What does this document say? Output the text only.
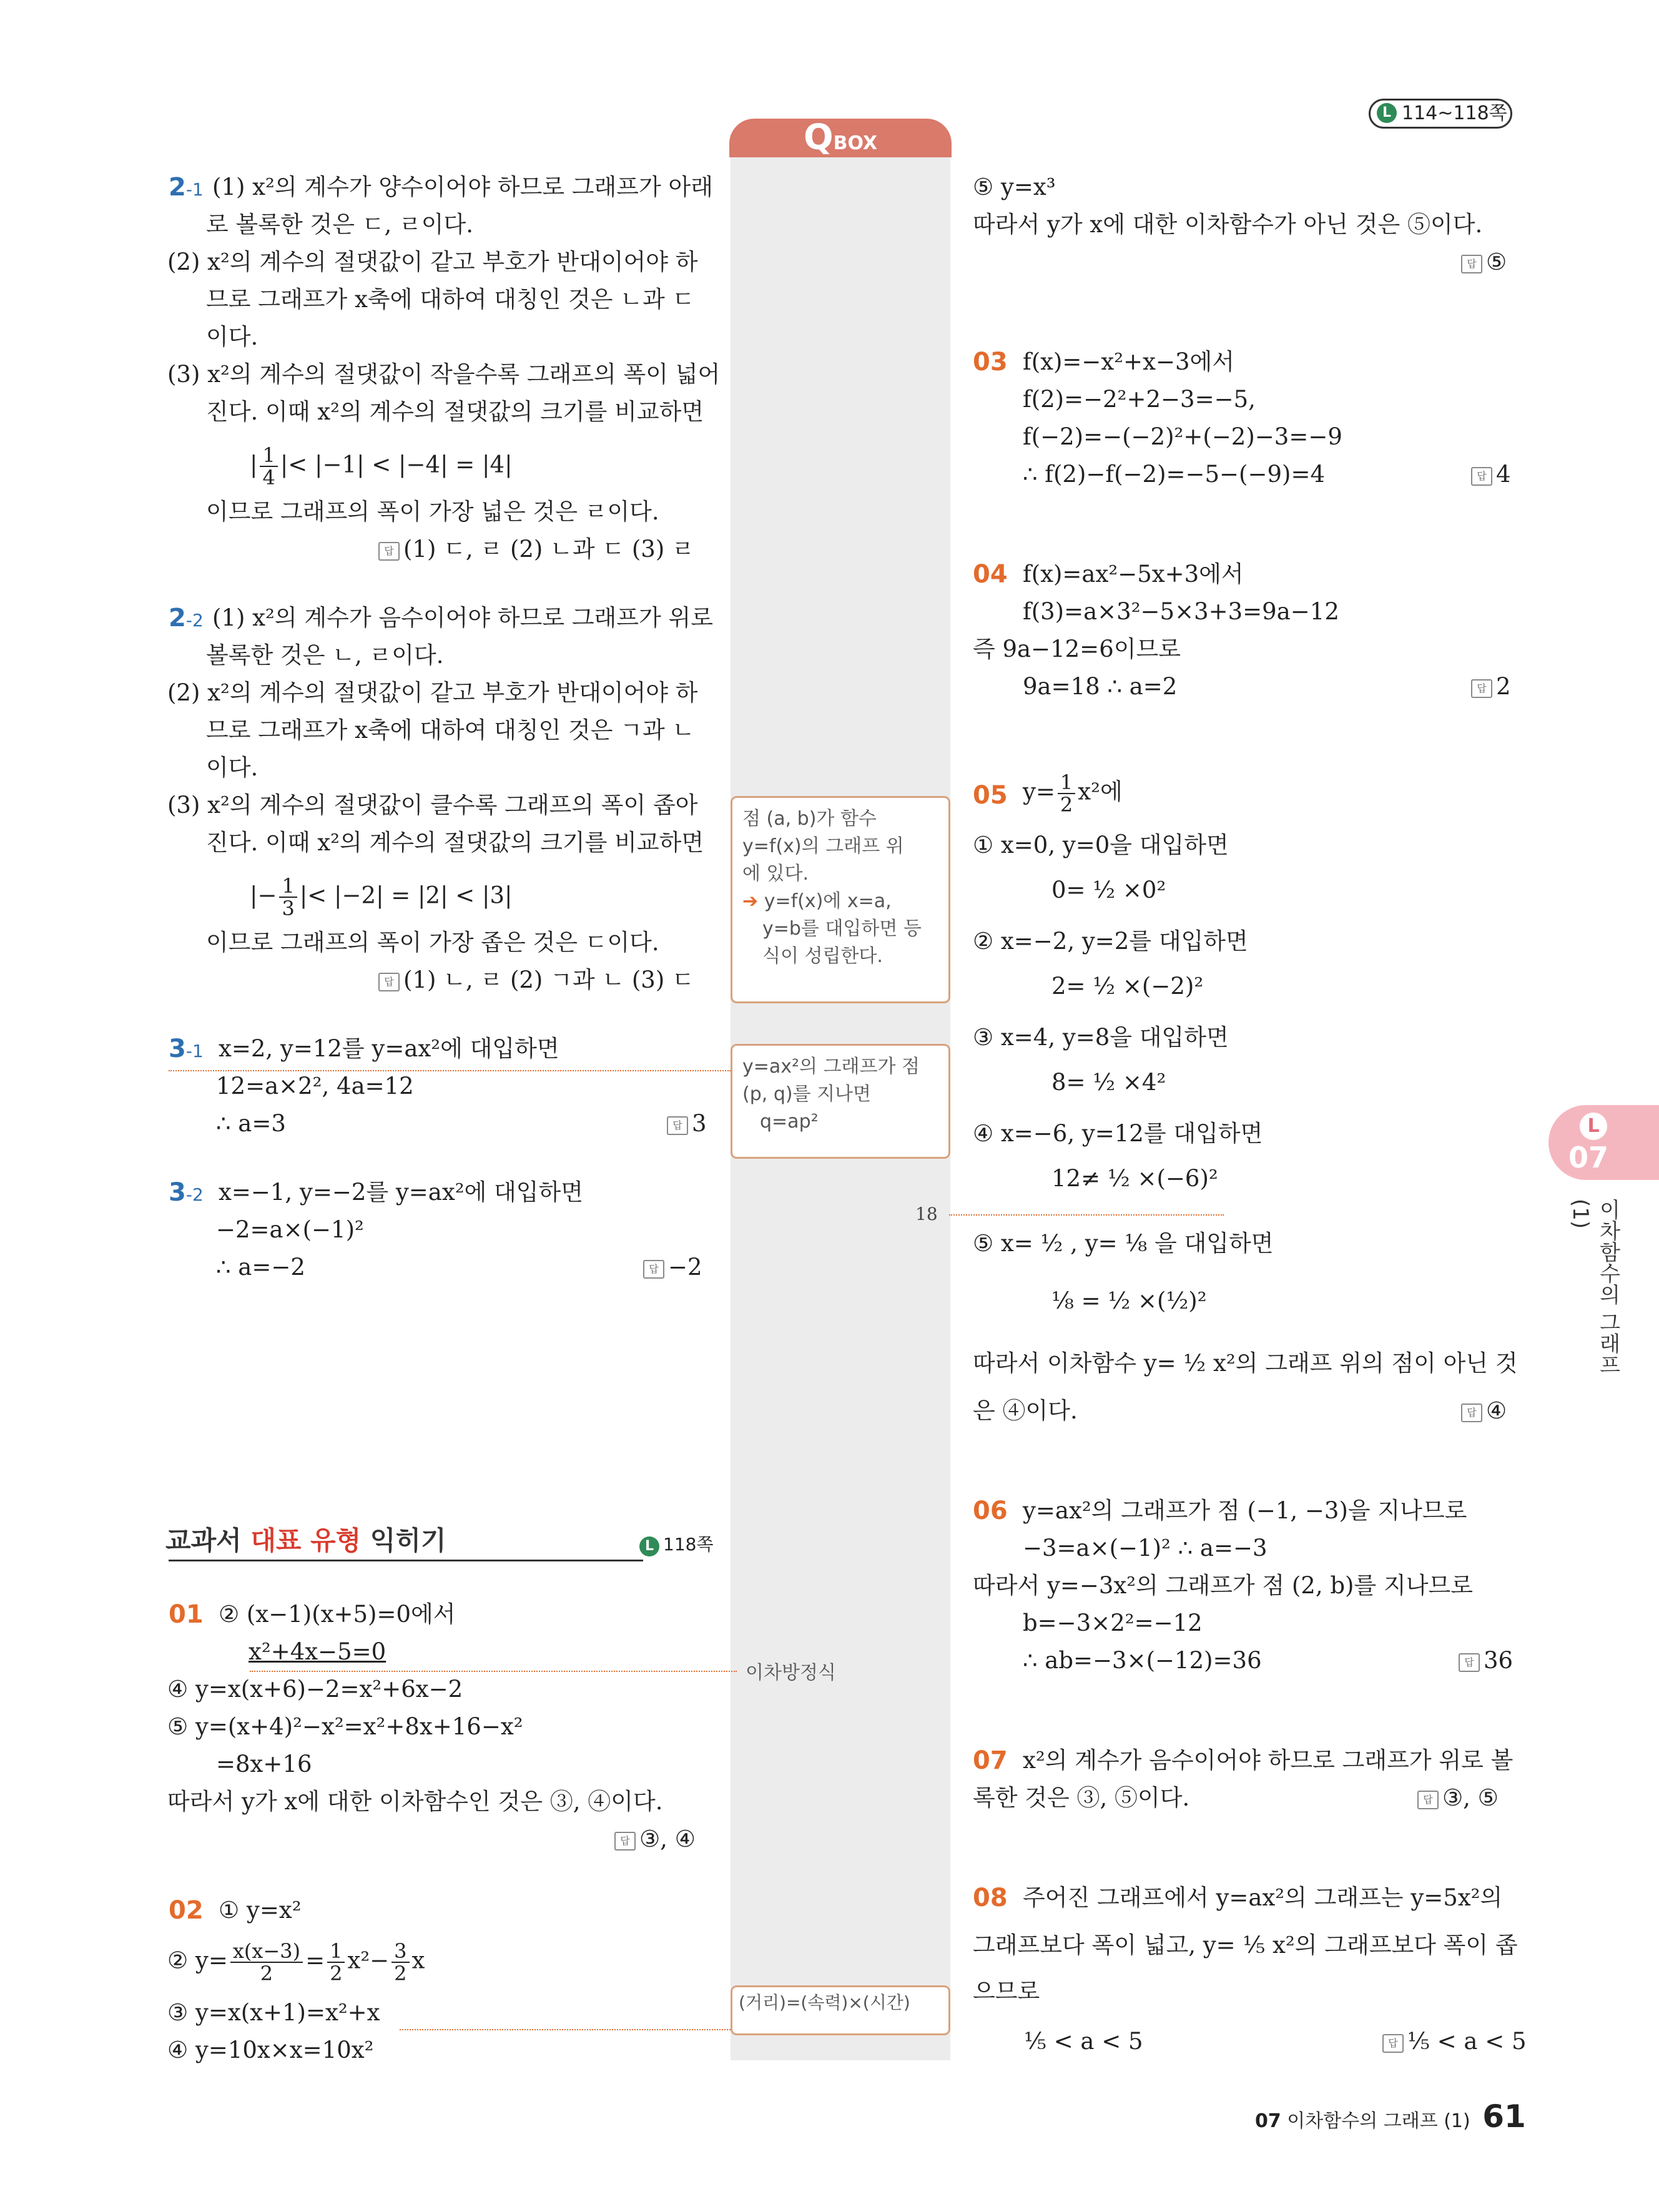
L 114~118쪽
QBOX
점 (a, b)가 함수
y=f(x)의 그래프 위
에 있다.
➔ y=f(x)에 x=a,
y=b를 대입하면 등
식이 성립한다.
y=ax²의 그래프가 점
(p, q)를 지나면
q=ap²
이차방정식
(거리)=(속력)×(시간)
18
2-1 (1) x²의 계수가 양수이어야 하므로 그래프가 아래
로 볼록한 것은 ㄷ, ㄹ이다.
(2) x²의 계수의 절댓값이 같고 부호가 반대이어야 하
므로 그래프가 x축에 대하여 대칭인 것은 ㄴ과 ㄷ
이다.
(3) x²의 계수의 절댓값이 작을수록 그래프의 폭이 넓어
진다. 이때 x²의 계수의 절댓값의 크기를 비교하면
| $\frac{1}{4}$ |< |−1| < |−4| = |4|
이므로 그래프의 폭이 가장 넓은 것은 ㄹ이다.
답 (1) ㄷ, ㄹ (2) ㄴ과 ㄷ (3) ㄹ
2-2 (1) x²의 계수가 음수이어야 하므로 그래프가 위로
볼록한 것은 ㄴ, ㄹ이다.
(2) x²의 계수의 절댓값이 같고 부호가 반대이어야 하
므로 그래프가 x축에 대하여 대칭인 것은 ㄱ과 ㄴ
이다.
(3) x²의 계수의 절댓값이 클수록 그래프의 폭이 좁아
진다. 이때 x²의 계수의 절댓값의 크기를 비교하면
|− $\frac{1}{3}$ |< |−2| = |2| < |3|
이므로 그래프의 폭이 가장 좁은 것은 ㄷ이다.
답 (1) ㄴ, ㄹ (2) ㄱ과 ㄴ (3) ㄷ
3-1 x=2, y=12를 y=ax²에 대입하면
12=a×2², 4a=12
∴ a=3	답 3
3-2 x=−1, y=−2를 y=ax²에 대입하면
−2=a×(−1)²
∴ a=−2	답 −2
교과서 대표 유형 익히기	L 118쪽
01 ② (x−1)(x+5)=0에서
x²+4x−5=0
④ y=x(x+6)−2=x²+6x−2
⑤ y=(x+4)²−x²=x²+8x+16−x²
=8x+16
따라서 y가 x에 대한 이차함수인 것은 ③, ④이다.
답 ③, ④
02 ① y=x²
② $y= \frac{x(x-3)}{2} = \frac{1}{2} x^2- \frac{3}{2}$ x
③ y=x(x+1)=x²+x
④ y=10x×x=10x²
⑤ y=x³
따라서 y가 x에 대한 이차함수가 아닌 것은 ⑤이다.
답 ⑤
03 f(x)=−x²+x−3에서
f(2)=−2²+2−3=−5,
f(−2)=−(−2)²+(−2)−3=−9
∴ f(2)−f(−2)=−5−(−9)=4	답 4
04 f(x)=ax²−5x+3에서
f(3)=a×3²−5×3+3=9a−12
즉 9a−12=6이므로
9a=18 ∴ a=2	답 2
05 $y= \frac{1}{2} x^2$에
① x=0, y=0을 대입하면
0= ½ ×0²
② x=−2, y=2를 대입하면
2= ½ ×(−2)²
③ x=4, y=8을 대입하면
8= ½ ×4²
④ x=−6, y=12를 대입하면
12≠ ½ ×(−6)²
⑤ x= ½ , y= ⅛ 을 대입하면
⅛ = ½ ×(½)²
따라서 이차함수 y= ½ x²의 그래프 위의 점이 아닌 것
은 ④이다.	답 ④
06 y=ax²의 그래프가 점 (−1, −3)을 지나므로
−3=a×(−1)² ∴ a=−3
따라서 y=−3x²의 그래프가 점 (2, b)를 지나므로
b=−3×2²=−12
∴ ab=−3×(−12)=36	답 36
07 x²의 계수가 음수이어야 하므로 그래프가 위로 볼
록한 것은 ③, ⑤이다.	답 ③, ⑤
08 주어진 그래프에서 y=ax²의 그래프는 y=5x²의
그래프보다 폭이 넓고, y= ⅕ x²의 그래프보다 폭이 좁
으므로
⅕ < a < 5	답 ⅕ < a < 5
L
07
이차함수의 그래프 (1)
07 이차함수의 그래프 (1) 61
